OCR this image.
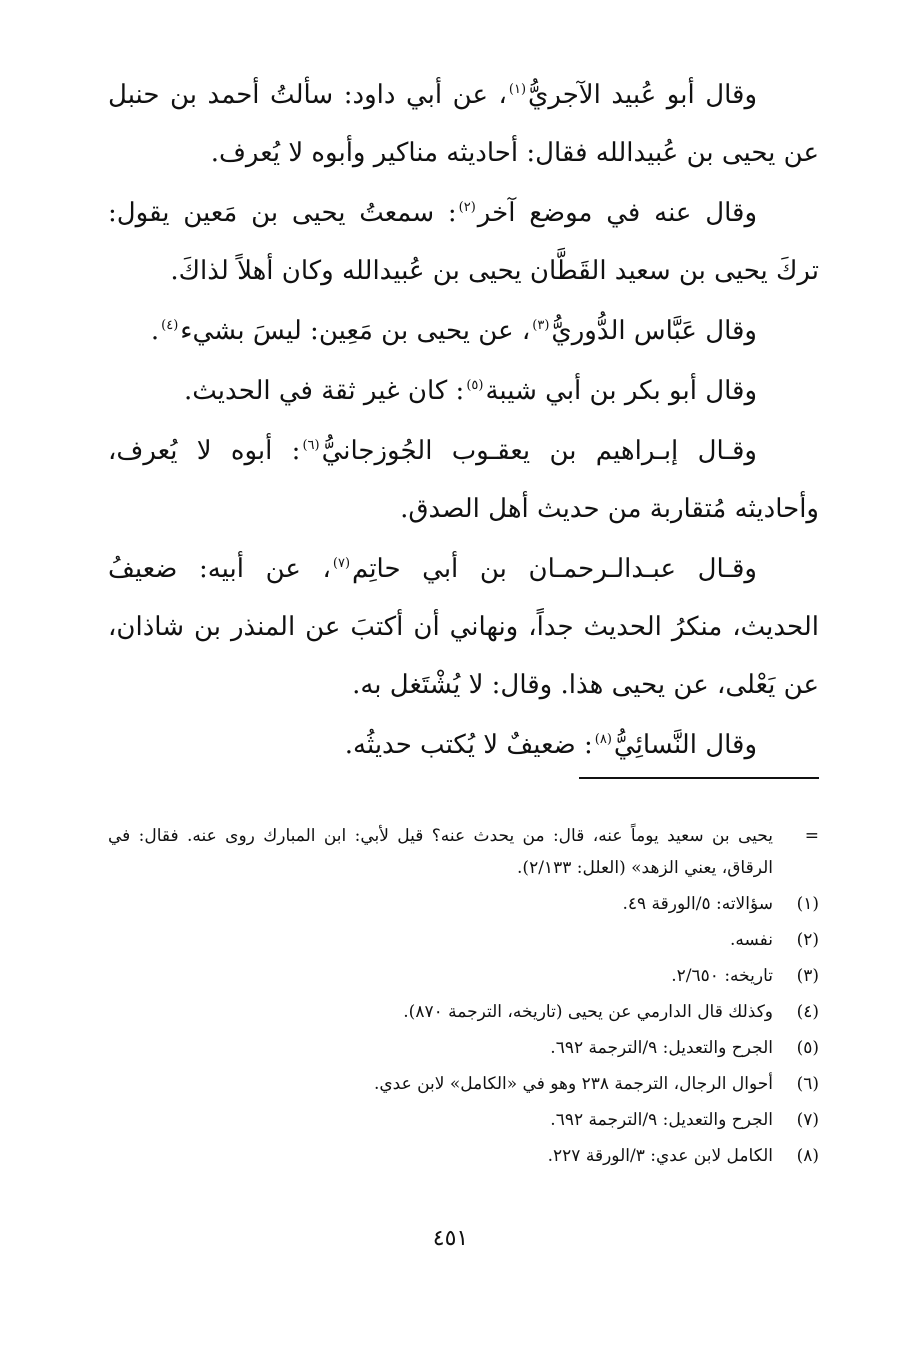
وقال أبو عُبيد الآجريُّ$^{(١)}$، عن أبي داود: سألتُ أحمد بن حنبل عن يحيى بن عُبيدالله فقال: أحاديثه مناكير وأبوه لا يُعرف.

وقال عنه في موضع آخر$^{(٢)}$: سمعتُ يحيى بن مَعين يقول: تركَ يحيى بن سعيد القَطَّان يحيى بن عُبيدالله وكان أهلاً لذاكَ.

وقال عَبَّاس الدُّوريُّ$^{(٣)}$، عن يحيى بن مَعِين: ليسَ بشيء$^{(٤)}$.

وقال أبو بكر بن أبي شيبة$^{(٥)}$: كان غير ثقة في الحديث.

وقـال إبـراهيم بن يعقـوب الجُوزجانيُّ$^{(٦)}$: أبوه لا يُعرف، وأحاديثه مُتقاربة من حديث أهل الصدق.

وقـال عبـدالـرحمـان بن أبي حاتِم$^{(٧)}$، عن أبيه: ضعيفُ الحديث، منكرُ الحديث جداً، ونهاني أن أكتبَ عن المنذر بن شاذان، عن يَعْلى، عن يحيى هذا. وقال: لا يُشْتَغل به.

وقال النَّسائِيُّ$^{(٨)}$: ضعيفٌ لا يُكتب حديثُه.

=
يحيى بن سعيد يوماً عنه، قال: من يحدث عنه؟ قيل لأبي: ابن المبارك روى عنه. فقال: في الرقاق، يعني الزهد» (العلل: ٢/١٣٣).
(١)
سؤالاته: ٥/الورقة ٤٩.
(٢)
نفسه.
(٣)
تاريخه: ٢/٦٥٠.
(٤)
وكذلك قال الدارمي عن يحيى (تاريخه، الترجمة ٨٧٠).
(٥)
الجرح والتعديل: ٩/الترجمة ٦٩٢.
(٦)
أحوال الرجال، الترجمة ٢٣٨ وهو في «الكامل» لابن عدي.
(٧)
الجرح والتعديل: ٩/الترجمة ٦٩٢.
(٨)
الكامل لابن عدي: ٣/الورقة ٢٢٧.
٤٥١
